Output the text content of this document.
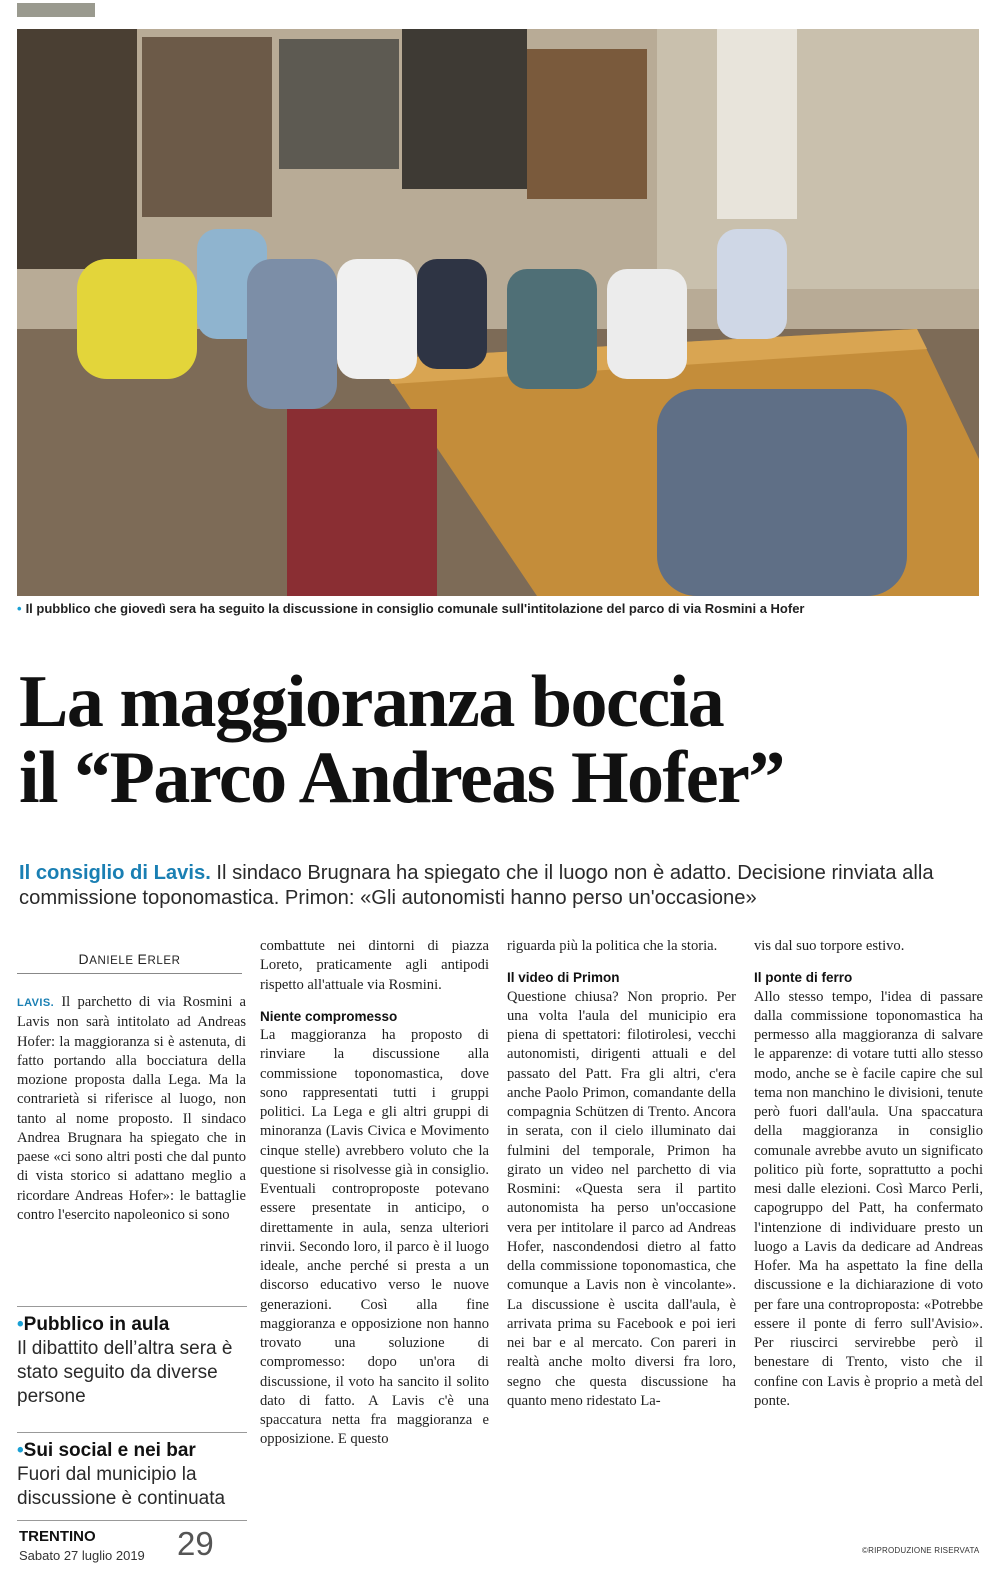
• Il pubblico che giovedì sera ha seguito la discussione in consiglio comunale sull'intitolazione del parco di via Rosmini a Hofer
La maggioranza boccia
il “Parco Andreas Hofer”
Il consiglio di Lavis. Il sindaco Brugnara ha spiegato che il luogo non è adatto. Decisione rinviata alla commissione toponomastica. Primon: «Gli autonomisti hanno perso un'occasione»
DANIELE ERLER

LAVIS. Il parchetto di via Rosmini a Lavis non sarà intitolato ad Andreas Hofer: la maggioranza si è astenuta, di fatto portando alla bocciatura della mozione proposta dalla Lega. Ma la contrarietà si riferisce al luogo, non tanto al nome proposto. Il sindaco Andrea Brugnara ha spiegato che in paese «ci sono altri posti che dal punto di vista storico si adattano meglio a ricordare Andreas Hofer»: le battaglie contro l'esercito napoleonico si sono

•Pubblico in aula
Il dibattito dell’altra sera è stato seguito da diverse persone
•Sui social e nei bar
Fuori dal municipio la discussione è continuata

combattute nei dintorni di piazza Loreto, praticamente agli antipodi rispetto all'attuale via Rosmini.

Niente compromesso

La maggioranza ha proposto di rinviare la discussione alla commissione toponomastica, dove sono rappresentati tutti i gruppi politici. La Lega e gli altri gruppi di minoranza (Lavis Civica e Movimento cinque stelle) avrebbero voluto che la questione si risolvesse già in consiglio. Eventuali controproposte potevano essere presentate in anticipo, o direttamente in aula, senza ulteriori rinvii. Secondo loro, il parco è il luogo ideale, anche perché si presta a un discorso educativo verso le nuove generazioni. Così alla fine maggioranza e opposizione non hanno trovato una soluzione di compromesso: dopo un'ora di discussione, il voto ha sancito il solito dato di fatto. A Lavis c'è una spaccatura netta fra maggioranza e opposizione. E questo

riguarda più la politica che la storia.

Il video di Primon

Questione chiusa? Non proprio. Per una volta l'aula del municipio era piena di spettatori: filotirolesi, vecchi autonomisti, dirigenti attuali e del passato del Patt. Fra gli altri, c'era anche Paolo Primon, comandante della compagnia Schützen di Trento. Ancora in serata, con il cielo illuminato dai fulmini del temporale, Primon ha girato un video nel parchetto di via Rosmini: «Questa sera il partito autonomista ha perso un'occasione vera per intitolare il parco ad Andreas Hofer, nascondendosi dietro al fatto della commissione toponomastica, che comunque a Lavis non è vincolante». La discussione è uscita dall'aula, è arrivata prima su Facebook e poi ieri nei bar e al mercato. Con pareri in realtà anche molto diversi fra loro, segno che questa discussione ha quanto meno ridestato La-

vis dal suo torpore estivo.

Il ponte di ferro

Allo stesso tempo, l'idea di passare dalla commissione toponomastica ha permesso alla maggioranza di salvare le apparenze: di votare tutti allo stesso modo, anche se è facile capire che sul tema non manchino le divisioni, tenute però fuori dall'aula. Una spaccatura della maggioranza in consiglio comunale avrebbe avuto un significato politico più forte, soprattutto a pochi mesi dalle elezioni. Così Marco Perli, capogruppo del Patt, ha confermato l'intenzione di individuare presto un luogo a Lavis da dedicare ad Andreas Hofer. Ma ha aspettato la fine della discussione e la dichiarazione di voto per fare una controproposta: «Potrebbe essere il ponte di ferro sull'Avisio». Per riuscirci servirebbe però il benestare di Trento, visto che il confine con Lavis è proprio a metà del ponte.

©RIPRODUZIONE RISERVATA
TRENTINO
Sabato 27 luglio 2019 29
